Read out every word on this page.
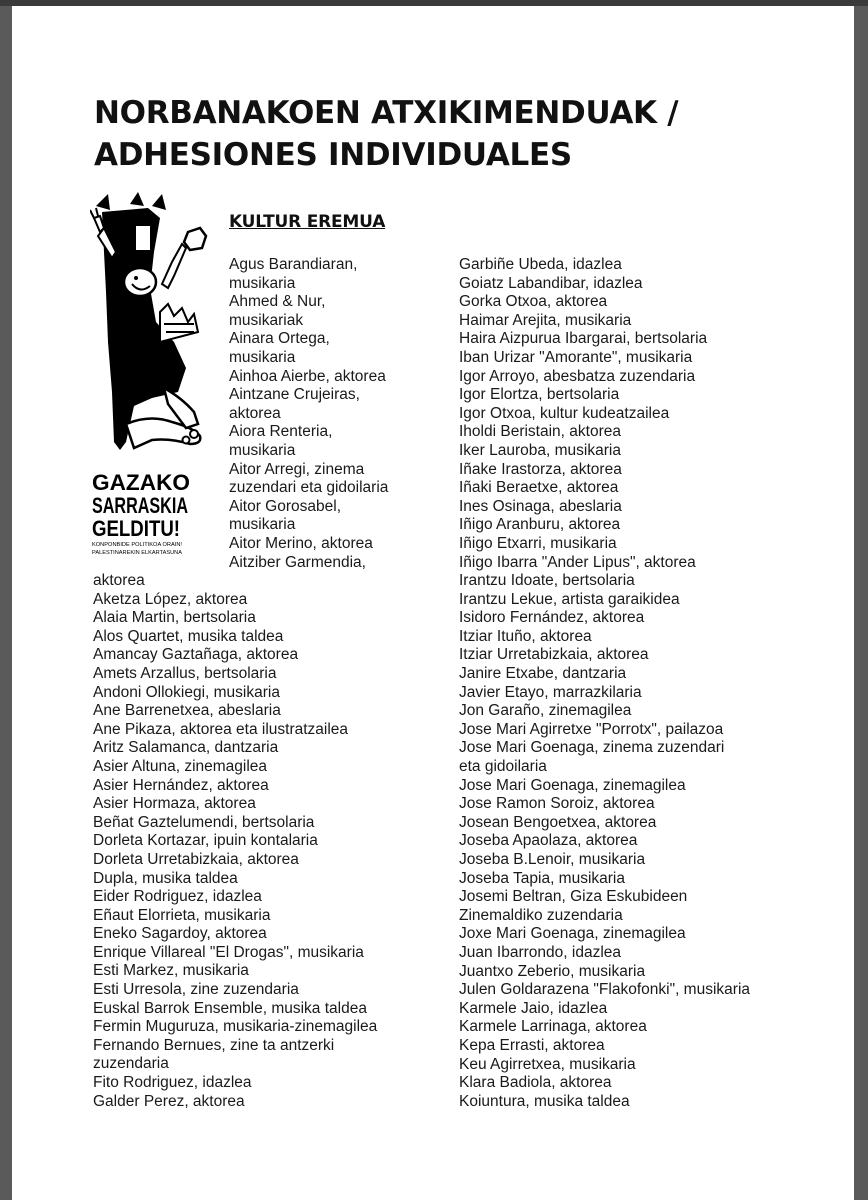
NORBANAKOEN ATXIKIMENDUAK /
ADHESIONES INDIVIDUALES
GAZAKO
SARRASKIA
GELDITU!
KONPONBIDE POLITIKOA ORAIN!
PALESTINAREKIN ELKARTASUNA
KULTUR EREMUA
Agus Barandiaran,
musikaria
Ahmed & Nur,
musikariak
Ainara Ortega,
musikaria
Ainhoa Aierbe, aktorea
Aintzane Crujeiras,
aktorea
Aiora Renteria,
musikaria
Aitor Arregi, zinema
zuzendari eta gidoilaria
Aitor Gorosabel,
musikaria
Aitor Merino, aktorea
Aitziber Garmendia,
aktorea
Aketza López, aktorea
Alaia Martin, bertsolaria
Alos Quartet, musika taldea
Amancay Gaztañaga, aktorea
Amets Arzallus, bertsolaria
Andoni Ollokiegi, musikaria
Ane Barrenetxea, abeslaria
Ane Pikaza, aktorea eta ilustratzailea
Aritz Salamanca, dantzaria
Asier Altuna, zinemagilea
Asier Hernández, aktorea
Asier Hormaza, aktorea
Beñat Gaztelumendi, bertsolaria
Dorleta Kortazar, ipuin kontalaria
Dorleta Urretabizkaia, aktorea
Dupla, musika taldea
Eider Rodriguez, idazlea
Eñaut Elorrieta, musikaria
Eneko Sagardoy, aktorea
Enrique Villareal "El Drogas", musikaria
Esti Markez, musikaria
Esti Urresola, zine zuzendaria
Euskal Barrok Ensemble, musika taldea
Fermin Muguruza, musikaria-zinemagilea
Fernando Bernues, zine ta antzerki
zuzendaria
Fito Rodriguez, idazlea
Galder Perez, aktorea
Garbiñe Ubeda, idazlea
Goiatz Labandibar, idazlea
Gorka Otxoa, aktorea
Haimar Arejita, musikaria
Haira Aizpurua Ibargarai, bertsolaria
Iban Urizar "Amorante", musikaria
Igor Arroyo, abesbatza zuzendaria
Igor Elortza, bertsolaria
Igor Otxoa, kultur kudeatzailea
Iholdi Beristain, aktorea
Iker Lauroba, musikaria
Iñake Irastorza, aktorea
Iñaki Beraetxe, aktorea
Ines Osinaga, abeslaria
Iñigo Aranburu, aktorea
Iñigo Etxarri, musikaria
Iñigo Ibarra "Ander Lipus", aktorea
Irantzu Idoate, bertsolaria
Irantzu Lekue, artista garaikidea
Isidoro Fernández, aktorea
Itziar Ituño, aktorea
Itziar Urretabizkaia, aktorea
Janire Etxabe, dantzaria
Javier Etayo, marrazkilaria
Jon Garaño, zinemagilea
Jose Mari Agirretxe "Porrotx", pailazoa
Jose Mari Goenaga, zinema zuzendari
eta gidoilaria
Jose Mari Goenaga, zinemagilea
Jose Ramon Soroiz, aktorea
Josean Bengoetxea, aktorea
Joseba Apaolaza, aktorea
Joseba B.Lenoir, musikaria
Joseba Tapia, musikaria
Josemi Beltran, Giza Eskubideen
Zinemaldiko zuzendaria
Joxe Mari Goenaga, zinemagilea
Juan Ibarrondo, idazlea
Juantxo Zeberio, musikaria
Julen Goldarazena "Flakofonki", musikaria
Karmele Jaio, idazlea
Karmele Larrinaga, aktorea
Kepa Errasti, aktorea
Keu Agirretxea, musikaria
Klara Badiola, aktorea
Koiuntura, musika taldea
